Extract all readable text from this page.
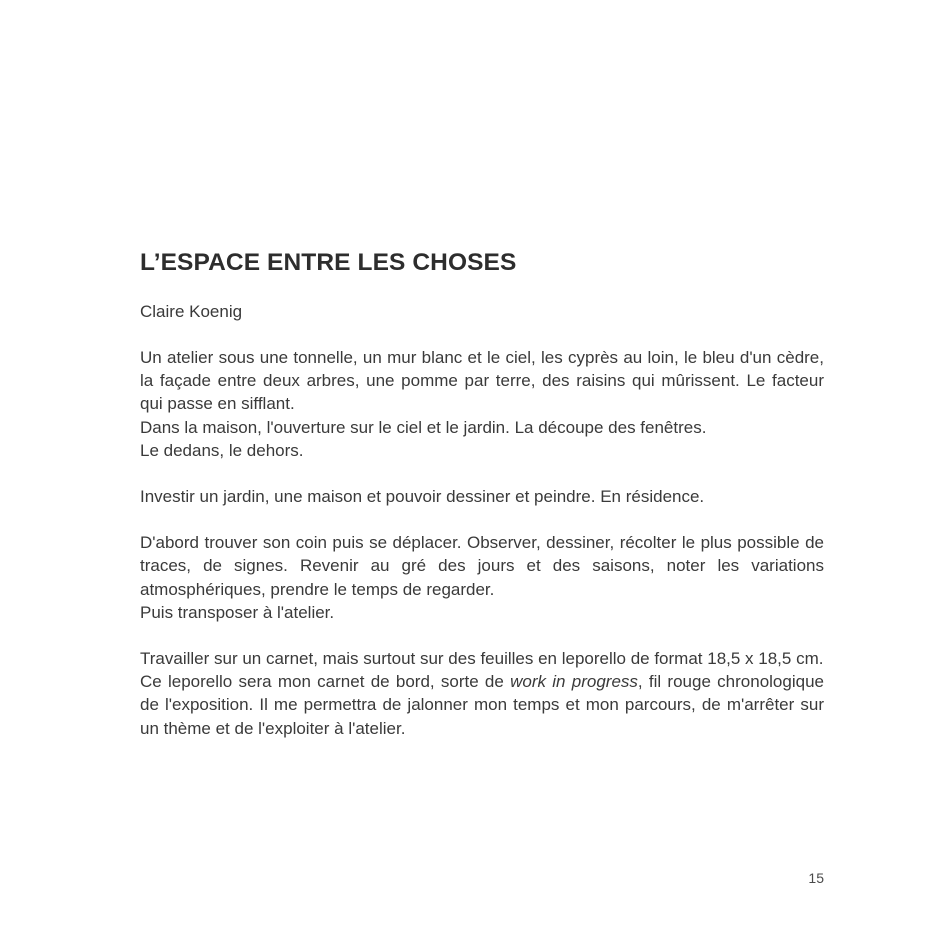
L’ESPACE ENTRE LES CHOSES

Claire Koenig

Un atelier sous une tonnelle, un mur blanc et le ciel, les cyprès au loin, le bleu d'un cèdre, la façade entre deux arbres, une pomme par terre, des raisins qui mûrissent. Le facteur qui passe en sifflant.

Dans la maison, l'ouverture sur le ciel et le jardin. La découpe des fenêtres.
Le dedans, le dehors.

Investir un jardin, une maison et pouvoir dessiner et peindre. En résidence.

D'abord trouver son coin puis se déplacer. Observer, dessiner, récolter le plus possible de traces, de signes. Revenir au gré des jours et des saisons, noter les variations atmosphériques, prendre le temps de regarder.

Puis transposer à l'atelier.

Travailler sur un carnet, mais surtout sur des feuilles en leporello de format 18,5 x 18,5 cm.
Ce leporello sera mon carnet de bord, sorte de work in progress, fil rouge chronologique de l'exposition. Il me permettra de jalonner mon temps et mon parcours, de m'arrêter sur un thème et de l'exploiter à l'atelier.

15
